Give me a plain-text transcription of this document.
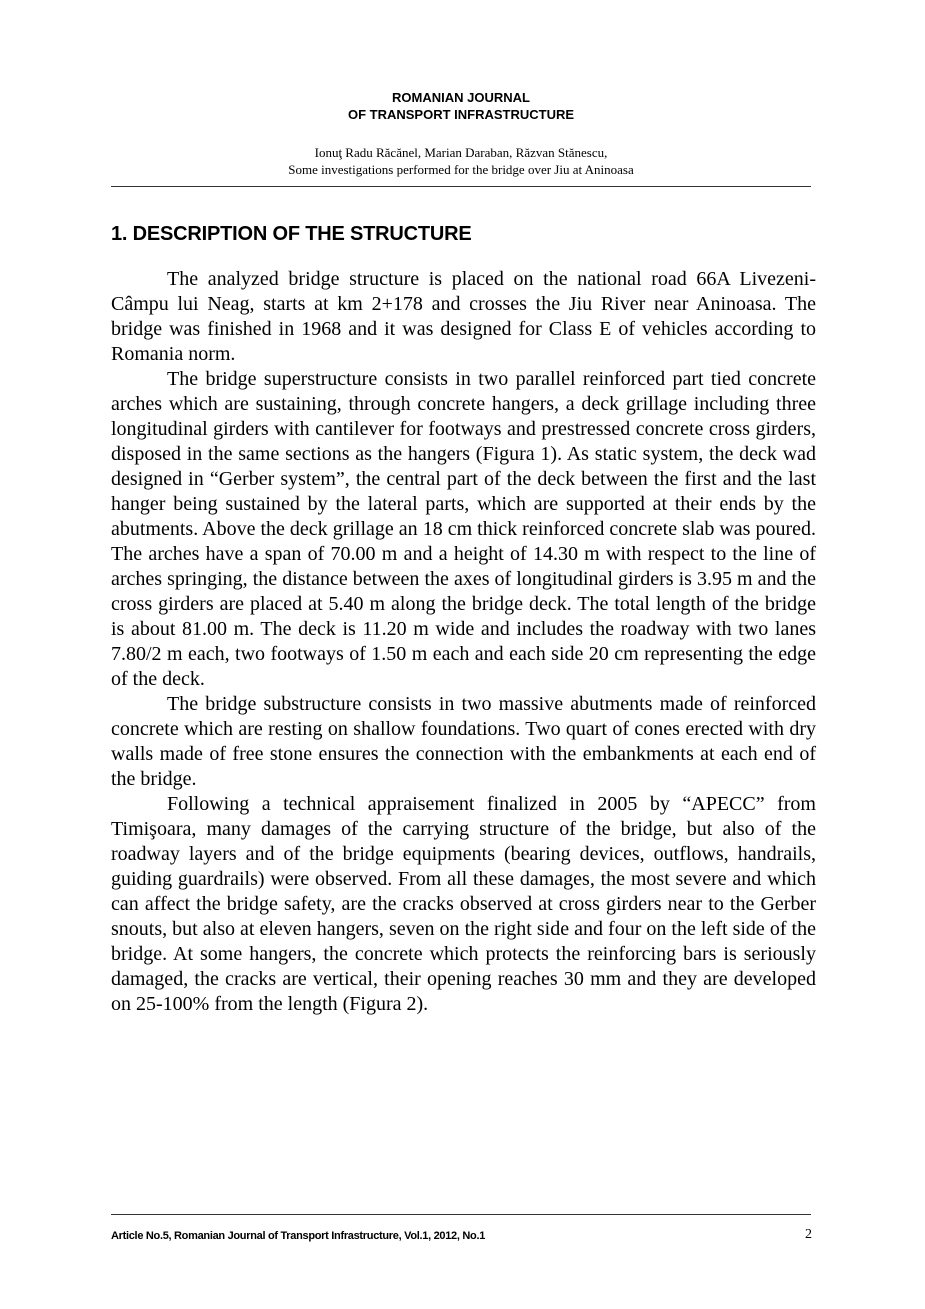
ROMANIAN JOURNAL
OF TRANSPORT INFRASTRUCTURE
Ionuţ Radu Răcănel, Marian Daraban, Răzvan Stănescu,
Some investigations performed for the bridge over Jiu at Aninoasa
1. DESCRIPTION OF THE STRUCTURE

The analyzed bridge structure is placed on the national road 66A Livezeni-Câmpu lui Neag, starts at km 2+178 and crosses the Jiu River near Aninoasa. The bridge was finished in 1968 and it was designed for Class E of vehicles according to Romania norm.

The bridge superstructure consists in two parallel reinforced part tied concrete arches which are sustaining, through concrete hangers, a deck grillage including three longitudinal girders with cantilever for footways and prestressed concrete cross girders, disposed in the same sections as the hangers (Figura 1). As static system, the deck wad designed in “Gerber system”, the central part of the deck between the first and the last hanger being sustained by the lateral parts, which are supported at their ends by the abutments. Above the deck grillage an 18 cm thick reinforced concrete slab was poured. The arches have a span of 70.00 m and a height of 14.30 m with respect to the line of arches springing, the distance between the axes of longitudinal girders is 3.95 m and the cross girders are placed at 5.40 m along the bridge deck. The total length of the bridge is about 81.00 m. The deck is 11.20 m wide and includes the roadway with two lanes 7.80/2 m each, two footways of 1.50 m each and each side 20 cm representing the edge of the deck.

The bridge substructure consists in two massive abutments made of reinforced concrete which are resting on shallow foundations. Two quart of cones erected with dry walls made of free stone ensures the connection with the embankments at each end of the bridge.

Following a technical appraisement finalized in 2005 by “APECC” from Timişoara, many damages of the carrying structure of the bridge, but also of the roadway layers and of the bridge equipments (bearing devices, outflows, handrails, guiding guardrails) were observed. From all these damages, the most severe and which can affect the bridge safety, are the cracks observed at cross girders near to the Gerber snouts, but also at eleven hangers, seven on the right side and four on the left side of the bridge. At some hangers, the concrete which protects the reinforcing bars is seriously damaged, the cracks are vertical, their opening reaches 30 mm and they are developed on 25-100% from the length (Figura 2).

Article No.5, Romanian Journal of Transport Infrastructure, Vol.1, 2012, No.1	2
